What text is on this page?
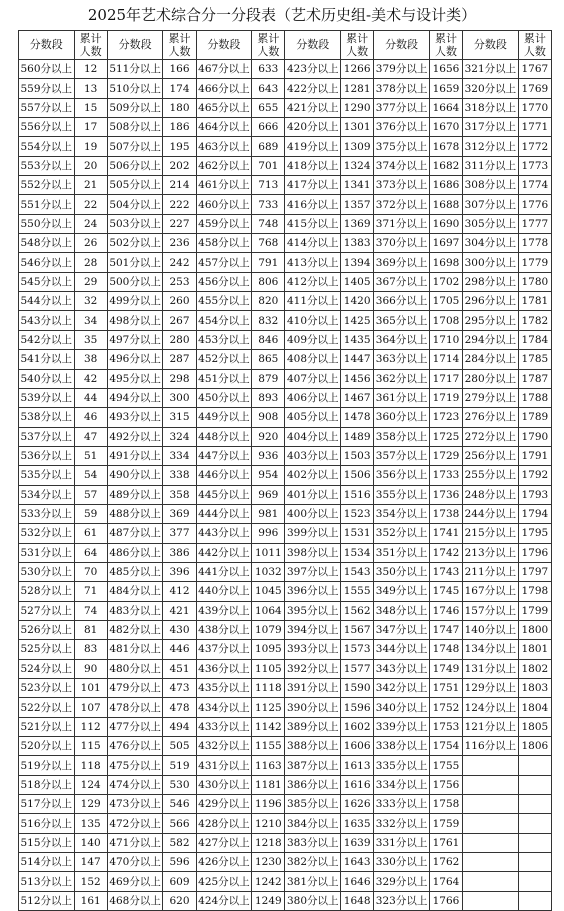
2025年艺术综合分一分段表（艺术历史组-美术与设计类）
分数段	累计
人数	分数段	累计
人数	分数段	累计
人数	分数段	累计
人数	分数段	累计
人数	分数段	累计
人数

560分以上	12	511分以上	166	467分以上	633	423分以上	1266	379分以上	1656	321分以上	1767
559分以上	13	510分以上	174	466分以上	643	422分以上	1281	378分以上	1659	320分以上	1769
557分以上	15	509分以上	180	465分以上	655	421分以上	1290	377分以上	1664	318分以上	1770
556分以上	17	508分以上	186	464分以上	666	420分以上	1301	376分以上	1670	317分以上	1771
554分以上	19	507分以上	195	463分以上	689	419分以上	1309	375分以上	1678	312分以上	1772
553分以上	20	506分以上	202	462分以上	701	418分以上	1324	374分以上	1682	311分以上	1773
552分以上	21	505分以上	214	461分以上	713	417分以上	1341	373分以上	1686	308分以上	1774
551分以上	22	504分以上	222	460分以上	733	416分以上	1357	372分以上	1688	307分以上	1776
550分以上	24	503分以上	227	459分以上	748	415分以上	1369	371分以上	1690	305分以上	1777
548分以上	26	502分以上	236	458分以上	768	414分以上	1383	370分以上	1697	304分以上	1778
546分以上	28	501分以上	242	457分以上	791	413分以上	1394	369分以上	1698	300分以上	1779
545分以上	29	500分以上	253	456分以上	806	412分以上	1405	367分以上	1702	298分以上	1780
544分以上	32	499分以上	260	455分以上	820	411分以上	1420	366分以上	1705	296分以上	1781
543分以上	34	498分以上	267	454分以上	832	410分以上	1425	365分以上	1708	295分以上	1782
542分以上	35	497分以上	280	453分以上	846	409分以上	1435	364分以上	1710	294分以上	1784
541分以上	38	496分以上	287	452分以上	865	408分以上	1447	363分以上	1714	284分以上	1785
540分以上	42	495分以上	298	451分以上	879	407分以上	1456	362分以上	1717	280分以上	1787
539分以上	44	494分以上	300	450分以上	893	406分以上	1467	361分以上	1719	279分以上	1788
538分以上	46	493分以上	315	449分以上	908	405分以上	1478	360分以上	1723	276分以上	1789
537分以上	47	492分以上	324	448分以上	920	404分以上	1489	358分以上	1725	272分以上	1790
536分以上	51	491分以上	334	447分以上	936	403分以上	1503	357分以上	1729	256分以上	1791
535分以上	54	490分以上	338	446分以上	954	402分以上	1506	356分以上	1733	255分以上	1792
534分以上	57	489分以上	358	445分以上	969	401分以上	1516	355分以上	1736	248分以上	1793
533分以上	59	488分以上	369	444分以上	981	400分以上	1523	354分以上	1738	244分以上	1794
532分以上	61	487分以上	377	443分以上	996	399分以上	1531	352分以上	1741	215分以上	1795
531分以上	64	486分以上	386	442分以上	1011	398分以上	1534	351分以上	1742	213分以上	1796
530分以上	70	485分以上	396	441分以上	1032	397分以上	1543	350分以上	1743	211分以上	1797
528分以上	71	484分以上	412	440分以上	1045	396分以上	1555	349分以上	1745	167分以上	1798
527分以上	74	483分以上	421	439分以上	1064	395分以上	1562	348分以上	1746	157分以上	1799
526分以上	81	482分以上	430	438分以上	1079	394分以上	1567	347分以上	1747	140分以上	1800
525分以上	83	481分以上	446	437分以上	1095	393分以上	1573	344分以上	1748	134分以上	1801
524分以上	90	480分以上	451	436分以上	1105	392分以上	1577	343分以上	1749	131分以上	1802
523分以上	101	479分以上	473	435分以上	1118	391分以上	1590	342分以上	1751	129分以上	1803
522分以上	107	478分以上	478	434分以上	1125	390分以上	1596	340分以上	1752	124分以上	1804
521分以上	112	477分以上	494	433分以上	1142	389分以上	1602	339分以上	1753	121分以上	1805
520分以上	115	476分以上	505	432分以上	1155	388分以上	1606	338分以上	1754	116分以上	1806
519分以上	118	475分以上	519	431分以上	1163	387分以上	1613	335分以上	1755		
518分以上	124	474分以上	530	430分以上	1181	386分以上	1616	334分以上	1756		
517分以上	129	473分以上	546	429分以上	1196	385分以上	1626	333分以上	1758		
516分以上	135	472分以上	566	428分以上	1210	384分以上	1635	332分以上	1759		
515分以上	140	471分以上	582	427分以上	1218	383分以上	1639	331分以上	1761		
514分以上	147	470分以上	596	426分以上	1230	382分以上	1643	330分以上	1762		
513分以上	152	469分以上	609	425分以上	1242	381分以上	1646	329分以上	1764		
512分以上	161	468分以上	620	424分以上	1249	380分以上	1648	323分以上	1766		
